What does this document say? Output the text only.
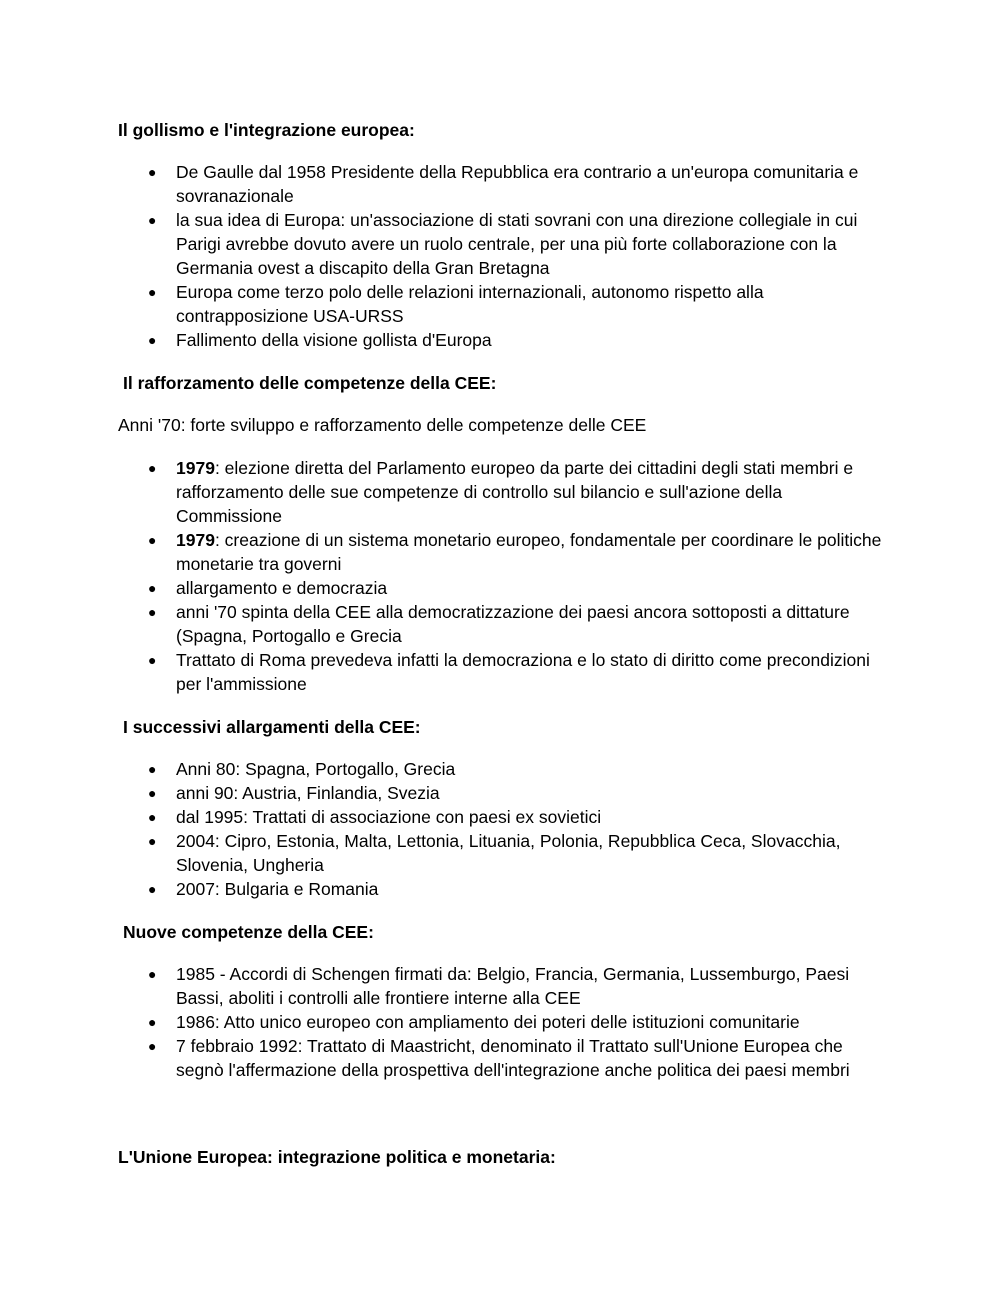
Il gollismo e l'integrazione europea:
● De Gaulle dal 1958 Presidente della Repubblica era contrario a un'europa comunitaria e sovranazionale
● la sua idea di Europa: un'associazione di stati sovrani con una direzione collegiale in cui Parigi avrebbe dovuto avere un ruolo centrale, per una più forte collaborazione con la Germania ovest a discapito della Gran Bretagna
● Europa come terzo polo delle relazioni internazionali, autonomo rispetto alla contrapposizione USA-URSS
● Fallimento della visione gollista d'Europa
Il rafforzamento delle competenze della CEE:

Anni '70: forte sviluppo e rafforzamento delle competenze delle CEE

● 1979: elezione diretta del Parlamento europeo da parte dei cittadini degli stati membri e rafforzamento delle sue competenze di controllo sul bilancio e sull'azione della Commissione
● 1979: creazione di un sistema monetario europeo, fondamentale per coordinare le politiche monetarie tra governi
● allargamento e democrazia
● anni '70 spinta della CEE alla democratizzazione dei paesi ancora sottoposti a dittature (Spagna, Portogallo e Grecia
● Trattato di Roma prevedeva infatti la democraziona e lo stato di diritto come precondizioni per l'ammissione
I successivi allargamenti della CEE:
● Anni 80: Spagna, Portogallo, Grecia
● anni 90: Austria, Finlandia, Svezia
● dal 1995: Trattati di associazione con paesi ex sovietici
● 2004: Cipro, Estonia, Malta, Lettonia, Lituania, Polonia, Repubblica Ceca, Slovacchia, Slovenia, Ungheria
● 2007: Bulgaria e Romania
Nuove competenze della CEE:
● 1985 - Accordi di Schengen firmati da: Belgio, Francia, Germania, Lussemburgo, Paesi Bassi, aboliti i controlli alle frontiere interne alla CEE
● 1986: Atto unico europeo con ampliamento dei poteri delle istituzioni comunitarie
● 7 febbraio 1992: Trattato di Maastricht, denominato il Trattato sull'Unione Europea che segnò l'affermazione della prospettiva dell'integrazione anche politica dei paesi membri
L'Unione Europea: integrazione politica e monetaria:
